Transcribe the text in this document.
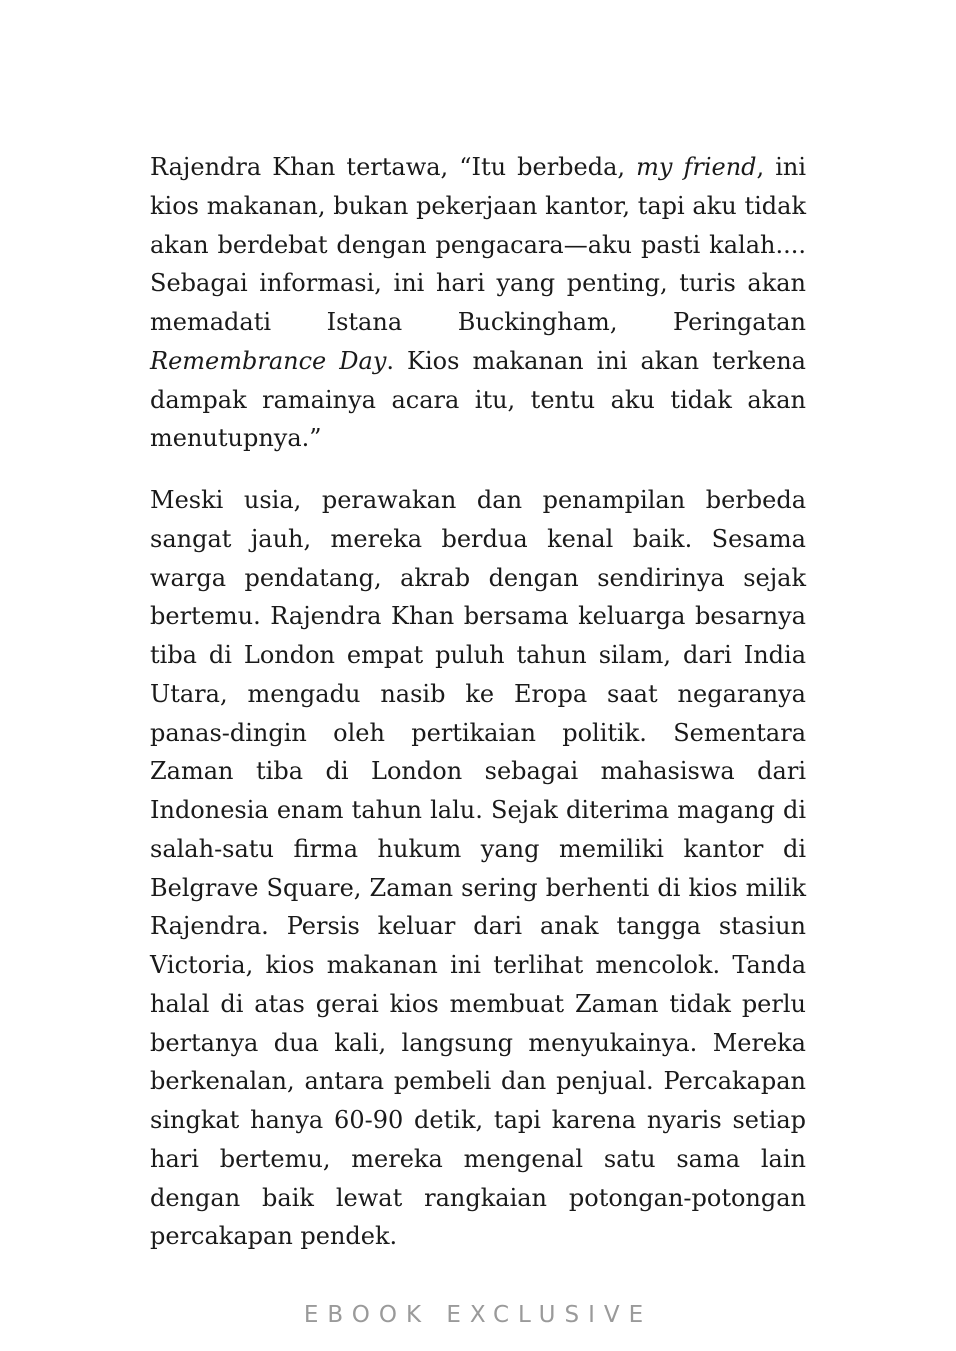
Rajendra Khan tertawa, “Itu berbeda, my friend, ini kios makanan, bukan pekerjaan kantor, tapi aku tidak akan berdebat dengan pengacara—aku pasti kalah.... Sebagai informasi, ini hari yang penting, turis akan memadati Istana Buckingham, Peringatan Remembrance Day. Kios makanan ini akan terkena dampak ramainya acara itu, tentu aku tidak akan menutupnya.”

Meski usia, perawakan dan penampilan berbeda sangat jauh, mereka berdua kenal baik. Sesama warga pendatang, akrab dengan sendirinya sejak bertemu. Rajendra Khan bersama keluarga besarnya tiba di London empat puluh tahun silam, dari India Utara, mengadu nasib ke Eropa saat negaranya panas-dingin oleh pertikaian politik. Sementara Zaman tiba di London sebagai mahasiswa dari Indonesia enam tahun lalu. Sejak diterima magang di salah-satu firma hukum yang memiliki kantor di Belgrave Square, Zaman sering berhenti di kios milik Rajendra. Persis keluar dari anak tangga stasiun Victoria, kios makanan ini terlihat mencolok. Tanda halal di atas gerai kios membuat Zaman tidak perlu bertanya dua kali, langsung menyukainya. Mereka berkenalan, antara pembeli dan penjual. Percakapan singkat hanya 60-90 detik, tapi karena nyaris setiap hari bertemu, mereka mengenal satu sama lain dengan baik lewat rangkaian potongan-potongan percakapan pendek.

EBOOK EXCLUSIVE
